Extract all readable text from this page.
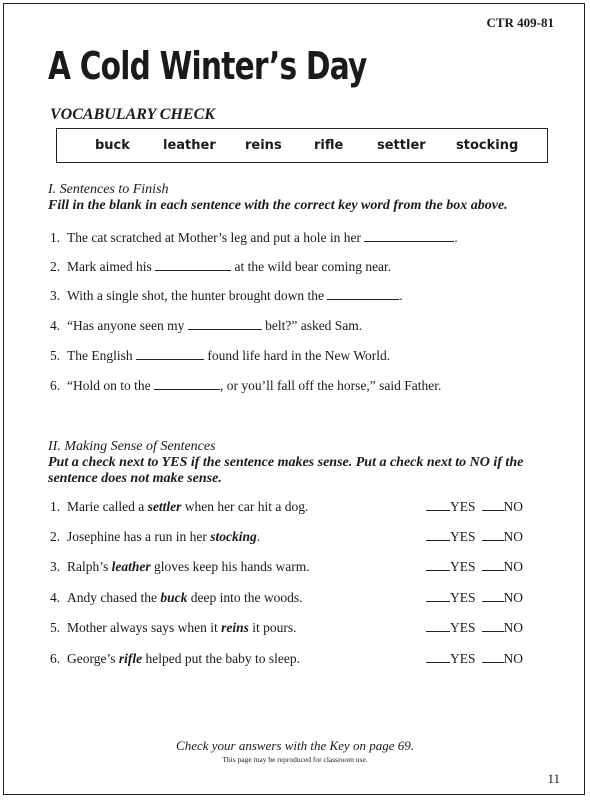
CTR 409-81
A Cold Winter’s Day
VOCABULARY CHECK
buck	leather reins rifle	settler stocking
I. Sentences to Finish
Fill in the blank in each sentence with the correct key word from the box above.
1. The cat scratched at Mother’s leg and put a hole in her	.
2. Mark aimed his	at the wild bear coming near.
3. With a single shot, the hunter brought down the	.
4. “Has anyone seen my	belt?” asked Sam.
5. The English	found life hard in the New World.
6. “Hold on to the	, or you’ll fall off the horse,” said Father.
II. Making Sense of Sentences
Put a check next to YES if the sentence makes sense. Put a check next to NO if the sentence does not make sense.
1. Marie called a settler when her car hit a dog.	YES NO
2. Josephine has a run in her stocking.	YES NO
3. Ralph’s leather gloves keep his hands warm.	YES NO
4. Andy chased the buck deep into the woods.	YES NO
5. Mother always says when it reins it pours.	YES NO
6. George’s rifle helped put the baby to sleep.	YES NO
Check your answers with the Key on page 69.
This page may be reproduced for classroom use.
11
